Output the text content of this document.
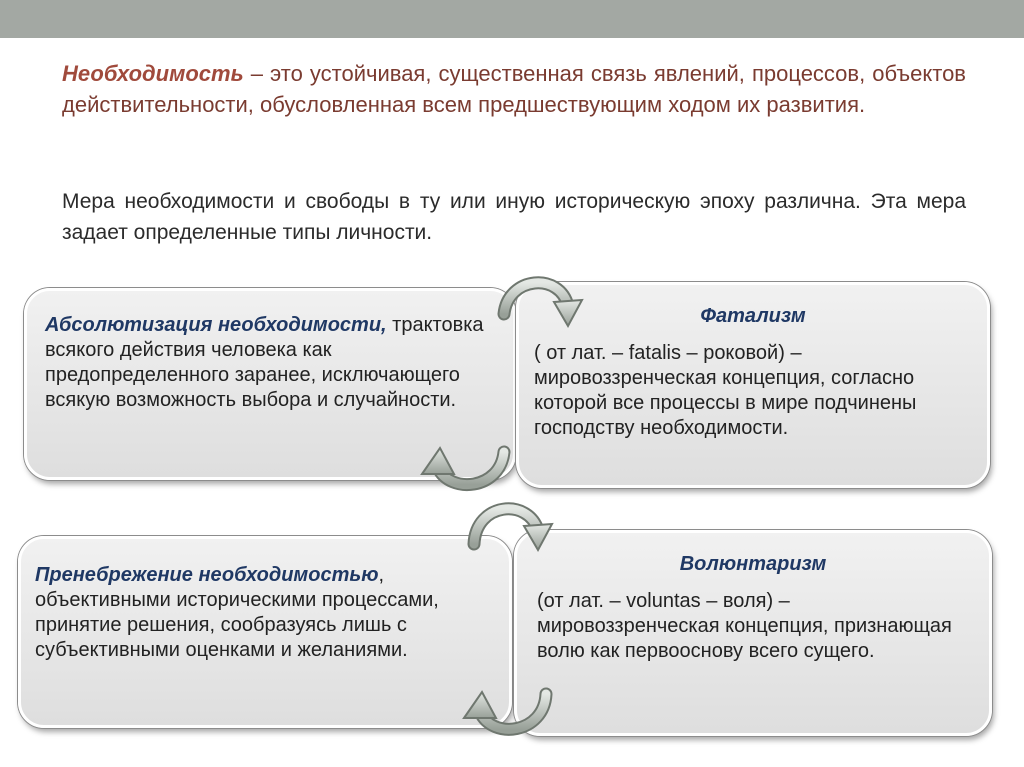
Необходимость – это устойчивая, существенная связь явлений, процессов, объектов действительности, обусловленная всем предшествующим ходом их развития.
Мера необходимости и свободы в ту или иную историческую эпоху различна. Эта мера задает определенные типы личности.
Абсолютизация необходимости, трактовка всякого действия человека как предопределенного заранее, исключающего всякую возможность выбора и случайности.
Фатализм
( от лат. – fatalis – роковой) – мировоззренческая концепция, согласно которой все процессы в мире подчинены господству необходимости.
Пренебрежение необходимостью, объективными историческими процессами, принятие решения, сообразуясь лишь с субъективными оценками и желаниями.
Волюнтаризм
(от лат. – voluntas – воля) – мировоззренческая концепция, признающая волю как первооснову всего сущего.
